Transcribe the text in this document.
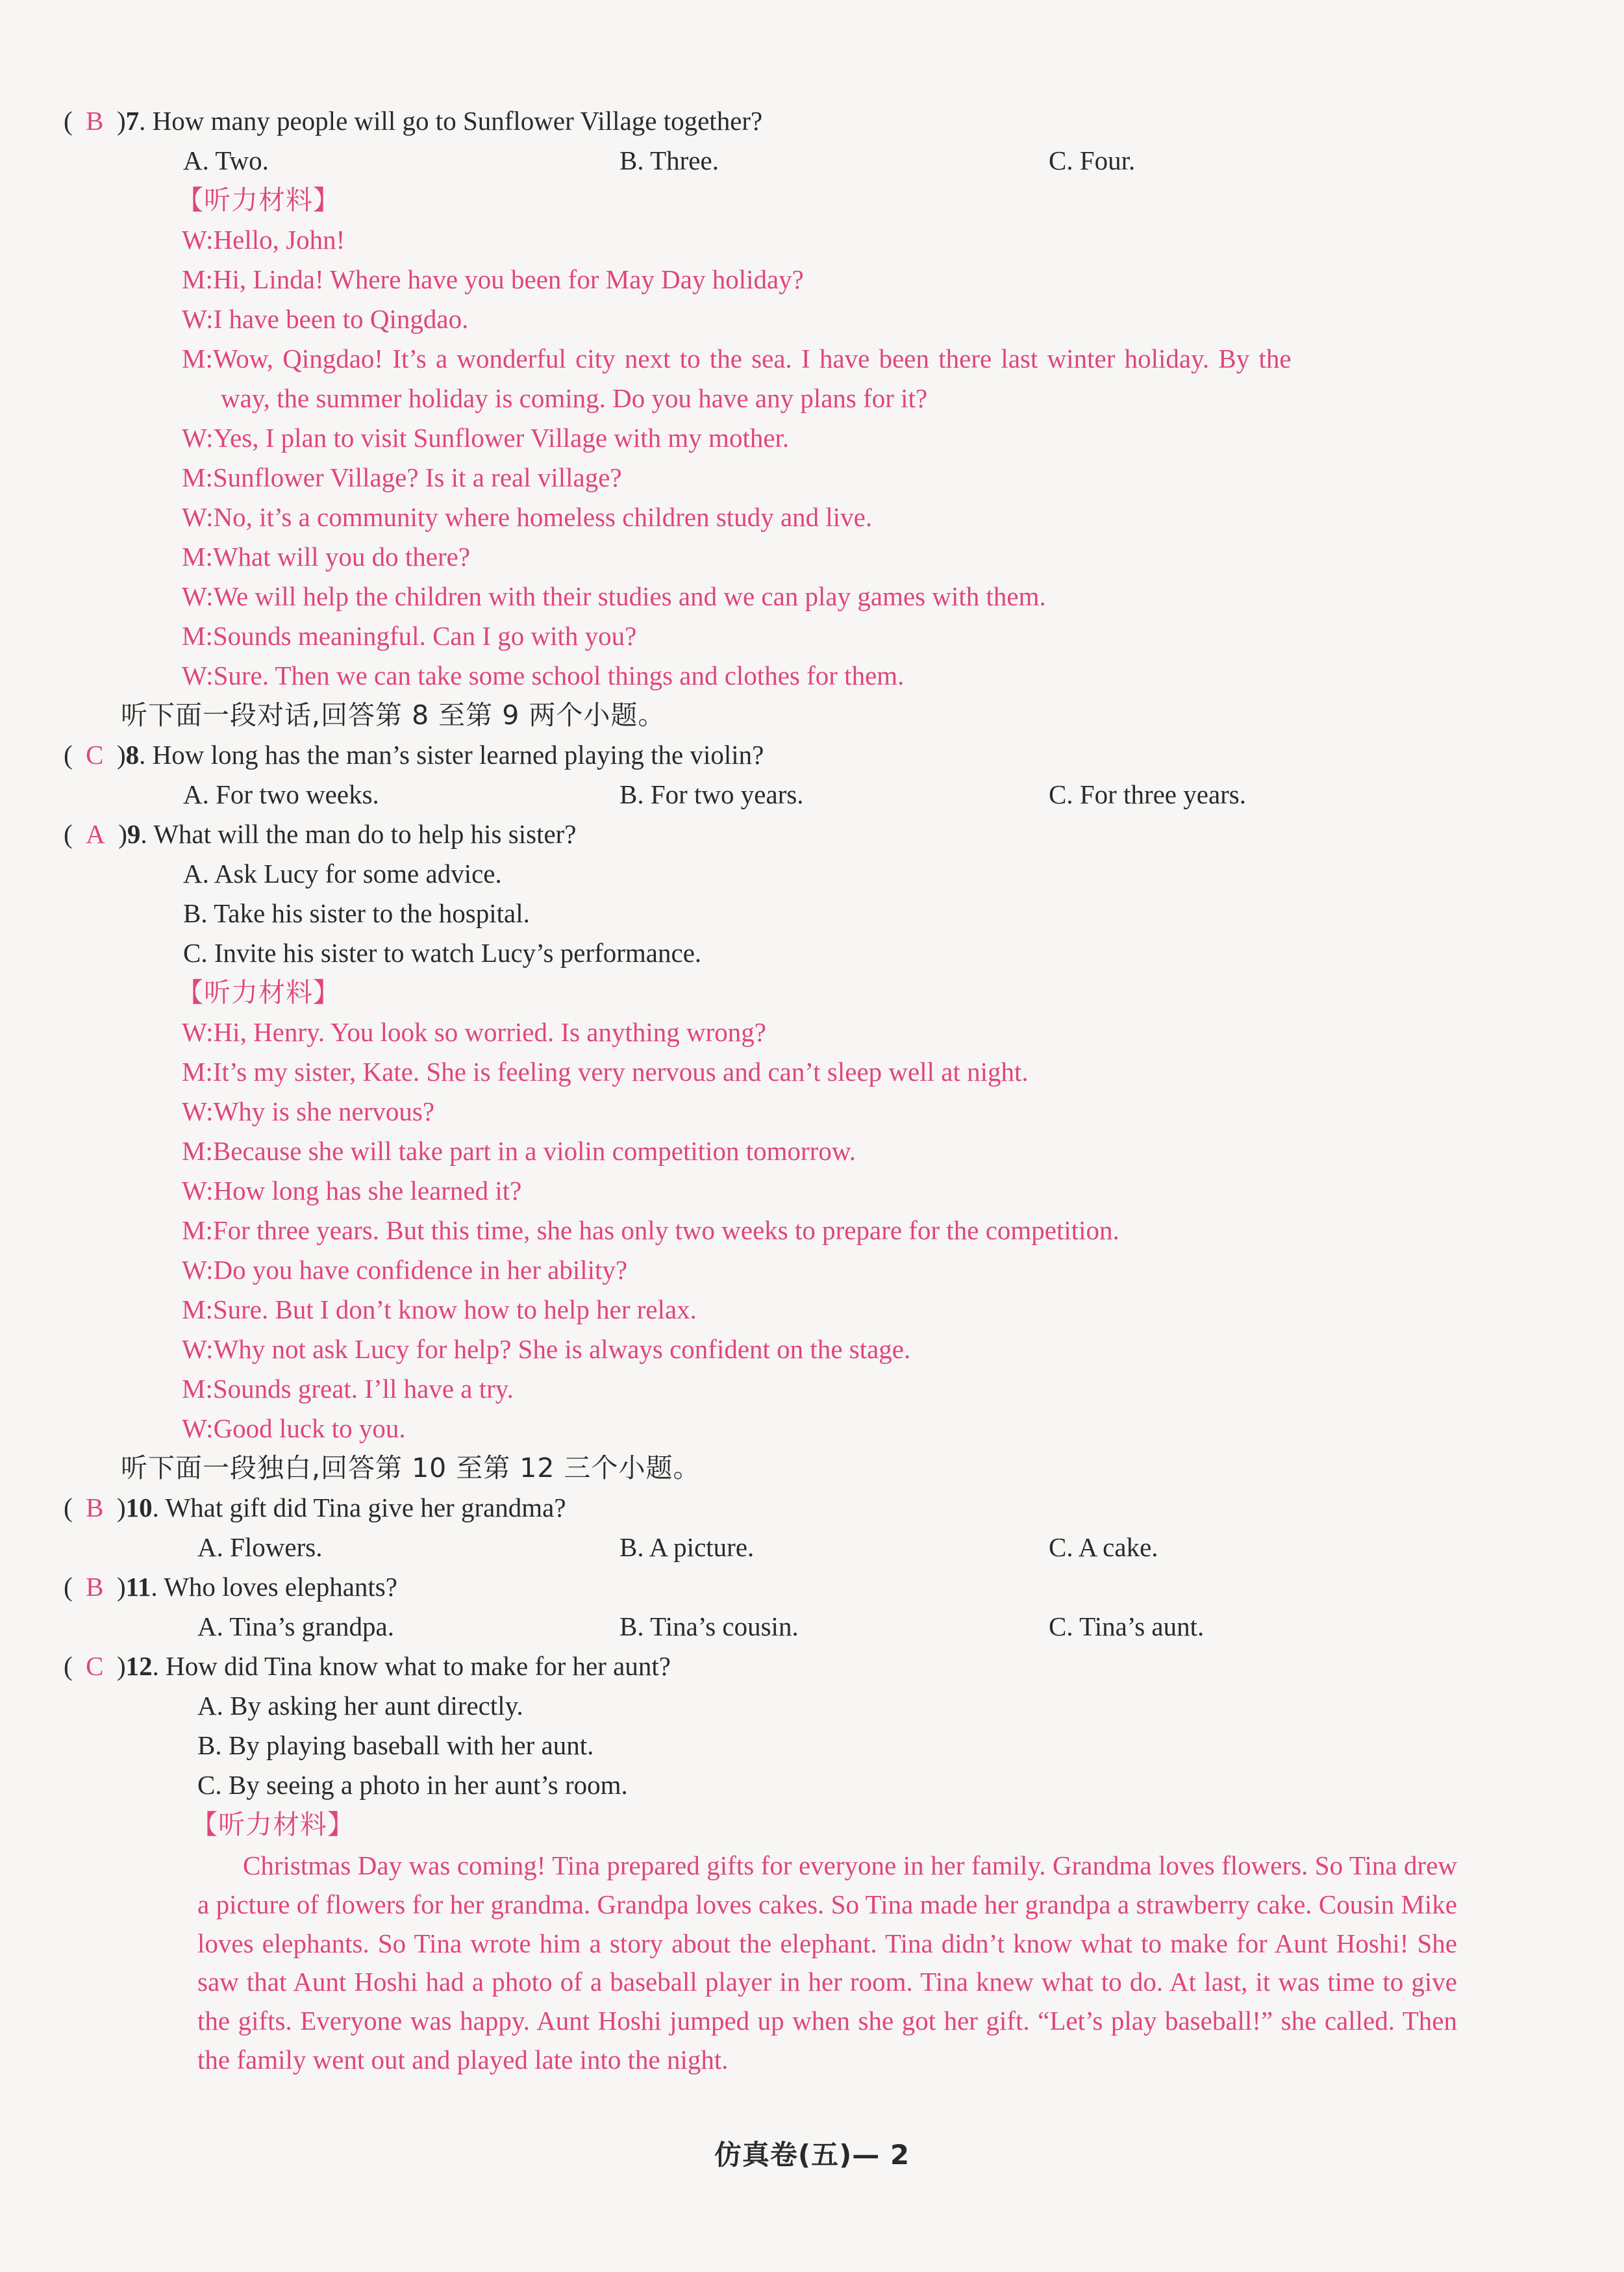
(  B  )7. How many people will go to Sunflower Village together?
A. Two.	B. Three.	C. Four.
【听力材料】
W:Hello, John!
M:Hi, Linda! Where have you been for May Day holiday?
W:I have been to Qingdao.
M:Wow, Qingdao! It’s a wonderful city next to the sea. I have been there last winter holiday. By the
way, the summer holiday is coming. Do you have any plans for it?
W:Yes, I plan to visit Sunflower Village with my mother.
M:Sunflower Village? Is it a real village?
W:No, it’s a community where homeless children study and live.
M:What will you do there?
W:We will help the children with their studies and we can play games with them.
M:Sounds meaningful. Can I go with you?
W:Sure. Then we can take some school things and clothes for them.
听下面一段对话,回答第 8 至第 9 两个小题。
(  C  )8. How long has the man’s sister learned playing the violin?
A. For two weeks.	B. For two years.	C. For three years.
(  A  )9. What will the man do to help his sister?
A. Ask Lucy for some advice.
B. Take his sister to the hospital.
C. Invite his sister to watch Lucy’s performance.
【听力材料】
W:Hi, Henry. You look so worried. Is anything wrong?
M:It’s my sister, Kate. She is feeling very nervous and can’t sleep well at night.
W:Why is she nervous?
M:Because she will take part in a violin competition tomorrow.
W:How long has she learned it?
M:For three years. But this time, she has only two weeks to prepare for the competition.
W:Do you have confidence in her ability?
M:Sure. But I don’t know how to help her relax.
W:Why not ask Lucy for help? She is always confident on the stage.
M:Sounds great. I’ll have a try.
W:Good luck to you.
听下面一段独白,回答第 10 至第 12 三个小题。
(  B  )10. What gift did Tina give her grandma?
A. Flowers.	B. A picture.	C. A cake.
(  B  )11. Who loves elephants?
A. Tina’s grandpa.	B. Tina’s cousin.	C. Tina’s aunt.
(  C  )12. How did Tina know what to make for her aunt?
A. By asking her aunt directly.
B. By playing baseball with her aunt.
C. By seeing a photo in her aunt’s room.
【听力材料】
Christmas Day was coming! Tina prepared gifts for everyone in her family. Grandma loves flowers. So Tina drew a picture of flowers for her grandma. Grandpa loves cakes. So Tina made her grandpa a strawberry cake. Cousin Mike loves elephants. So Tina wrote him a story about the elephant. Tina didn’t know what to make for Aunt Hoshi! She saw that Aunt Hoshi had a photo of a baseball player in her room. Tina knew what to do. At last, it was time to give the gifts. Everyone was happy. Aunt Hoshi jumped up when she got her gift. “Let’s play baseball!” she called. Then the family went out and played late into the night.
仿真卷(五)— 2
